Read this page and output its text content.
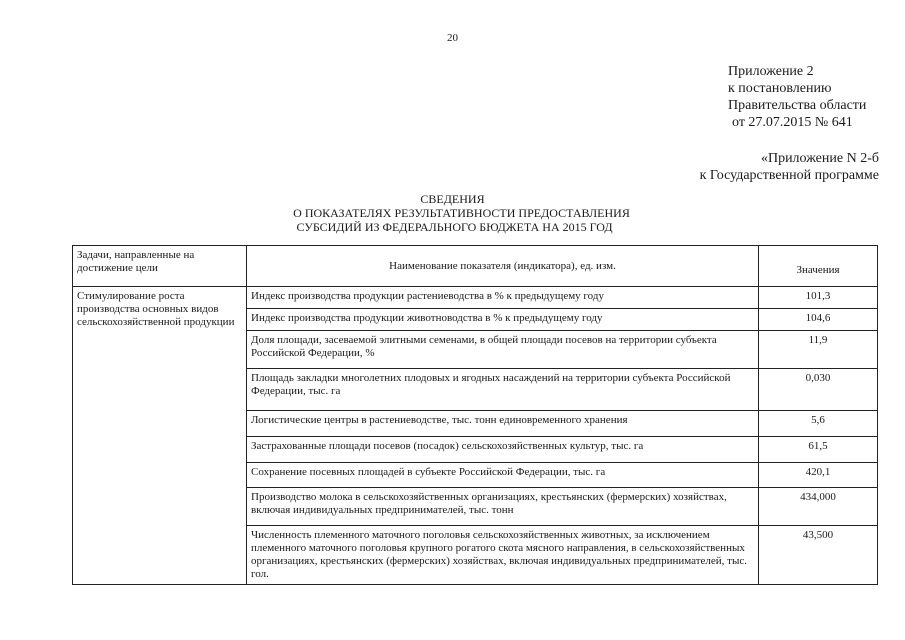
20
Приложение 2
к постановлению
Правительства области
от 27.07.2015 № 641
«Приложение N 2-б
к Государственной программе
СВЕДЕНИЯ
О ПОКАЗАТЕЛЯХ РЕЗУЛЬТАТИВНОСТИ ПРЕДОСТАВЛЕНИЯ
СУБСИДИЙ ИЗ ФЕДЕРАЛЬНОГО БЮДЖЕТА НА 2015 ГОД
Задачи, направленные на достижение цели	Наименование показателя (индикатора), ед. изм.	Значения
Стимулирование роста производства основных видов сельскохозяйственной продукции	Индекс производства продукции растениеводства в % к предыдущему году	101,3
	Индекс производства продукции животноводства в % к предыдущему году	104,6
	Доля площади, засеваемой элитными семенами, в общей площади посевов на территории субъекта Российской Федерации, %	11,9
	Площадь закладки многолетних плодовых и ягодных насаждений на территории субъекта Российской Федерации, тыс. га	0,030
	Логистические центры в растениеводстве, тыс. тонн единовременного хранения	5,6
	Застрахованные площади посевов (посадок) сельскохозяйственных культур, тыс. га	61,5
	Сохранение посевных площадей в субъекте Российской Федерации, тыс. га	420,1
	Производство молока в сельскохозяйственных организациях, крестьянских (фермерских) хозяйствах, включая индивидуальных предпринимателей, тыс. тонн	434,000
	Численность племенного маточного поголовья сельскохозяйственных животных, за исключением племенного маточного поголовья крупного рогатого скота мясного направления, в сельскохозяйственных организациях, крестьянских (фермерских) хозяйствах, включая индивидуальных предпринимателей, тыс. гол.	43,500
